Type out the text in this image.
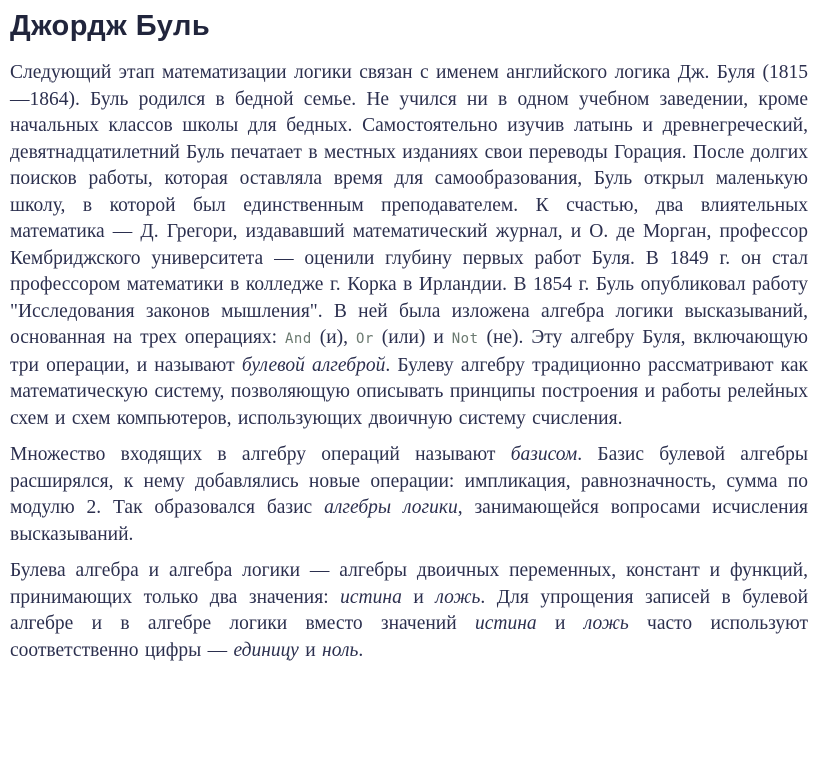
Джордж Буль

Следующий этап математизации логики связан с именем английского логика Дж. Буля (1815—1864). Буль родился в бедной семье. Не учился ни в одном учебном заведении, кроме начальных классов школы для бедных. Самостоятельно изучив латынь и древнегреческий, девятнадцатилетний Буль печатает в местных изданиях свои переводы Горация. После долгих поисков работы, которая оставляла время для самообразования, Буль открыл маленькую школу, в которой был единственным преподавателем. К счастью, два влиятельных математика — Д. Грегори, издававший математический журнал, и О. де Морган, профессор Кембриджского университета — оценили глубину первых работ Буля. В 1849 г. он стал профессором математики в колледже г. Корка в Ирландии. В 1854 г. Буль опубликовал работу "Исследования законов мышления". В ней была изложена алгебра логики высказываний, основанная на трех операциях: And (и), Or (или) и Not (не). Эту алгебру Буля, включающую три операции, и называют булевой алгеброй. Булеву алгебру традиционно рассматривают как математическую систему, позволяющую описывать принципы построения и работы релейных схем и схем компьютеров, использующих двоичную систему счисления.

Множество входящих в алгебру операций называют базисом. Базис булевой алгебры расширялся, к нему добавлялись новые операции: импликация, равнозначность, сумма по модулю 2. Так образовался базис алгебры логики, занимающейся вопросами исчисления высказываний.

Булева алгебра и алгебра логики — алгебры двоичных переменных, констант и функций, принимающих только два значения: истина и ложь. Для упрощения записей в булевой алгебре и в алгебре логики вместо значений истина и ложь часто используют соответственно цифры — единицу и ноль.
